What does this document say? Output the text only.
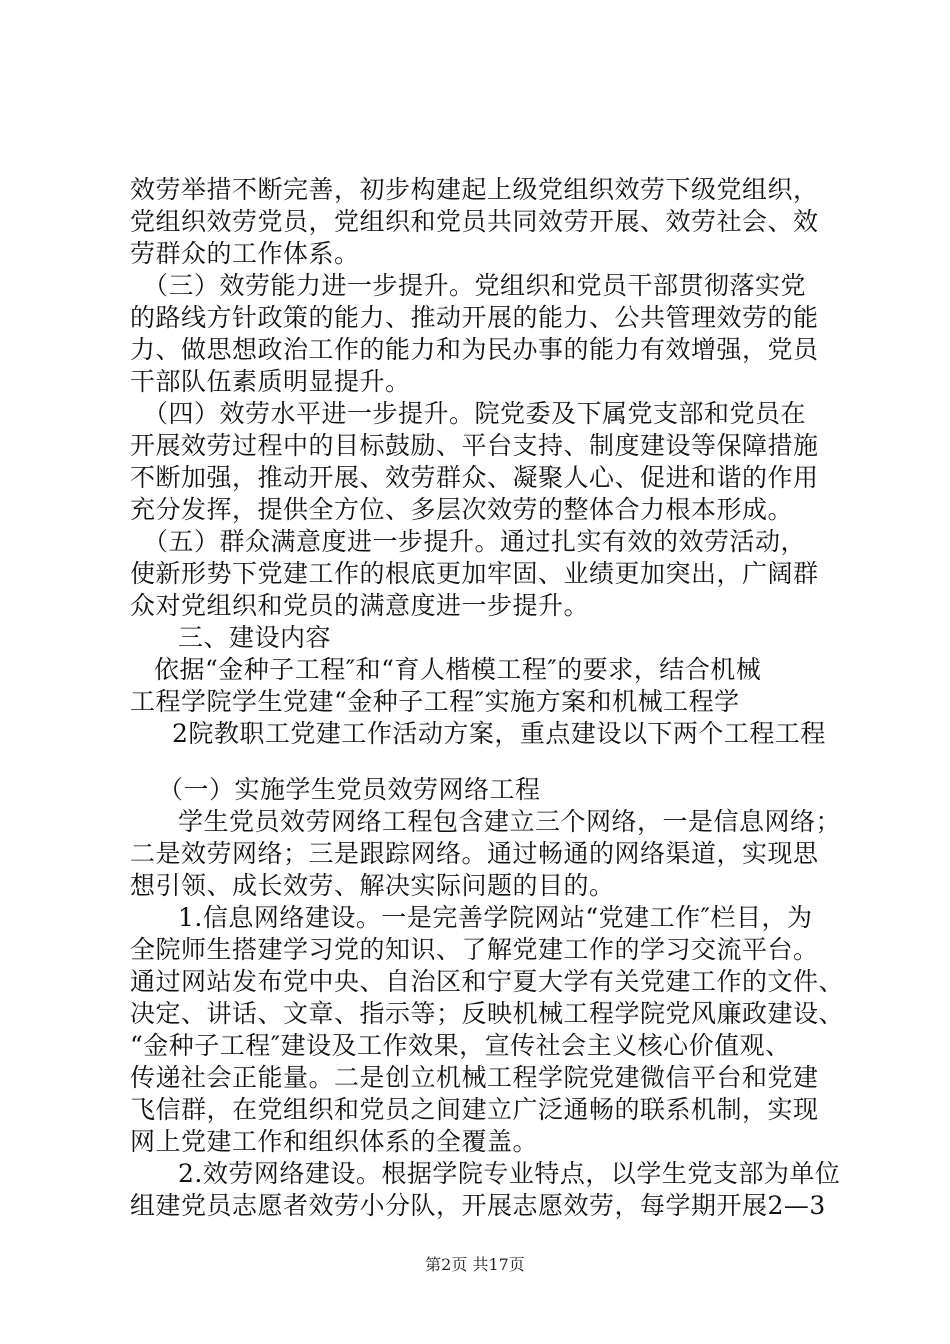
效劳举措不断完善，初步构建起上级党组织效劳下级党组织，
党组织效劳党员，党组织和党员共同效劳开展、效劳社会、效
劳群众的工作体系。
　（三）效劳能力进一步提升。党组织和党员干部贯彻落实党
的路线方针政策的能力、推动开展的能力、公共管理效劳的能
力、做思想政治工作的能力和为民办事的能力有效增强，党员
干部队伍素质明显提升。
　（四）效劳水平进一步提升。院党委及下属党支部和党员在
开展效劳过程中的目标鼓励、平台支持、制度建设等保障措施
不断加强，推动开展、效劳群众、凝聚人心、促进和谐的作用
充分发挥，提供全方位、多层次效劳的整体合力根本形成。
　（五）群众满意度进一步提升。通过扎实有效的效劳活动，
使新形势下党建工作的根底更加牢固、业绩更加突出，广阔群
众对党组织和党员的满意度进一步提升。
三、建设内容
依据“金种子工程″和“育人楷模工程″的要求，结合机械
工程学院学生党建“金种子工程″实施方案和机械工程学
2院教职工党建工作活动方案，重点建设以下两个工程工程
（一）实施学生党员效劳网络工程
学生党员效劳网络工程包含建立三个网络，一是信息网络；
二是效劳网络；三是跟踪网络。通过畅通的网络渠道，实现思
想引领、成长效劳、解决实际问题的目的。
1.信息网络建设。一是完善学院网站“党建工作″栏目，为
全院师生搭建学习党的知识、了解党建工作的学习交流平台。
通过网站发布党中央、自治区和宁夏大学有关党建工作的文件、
决定、讲话、文章、指示等；反映机械工程学院党风廉政建设、
“金种子工程″建设及工作效果，宣传社会主义核心价值观、
传递社会正能量。二是创立机械工程学院党建微信平台和党建
飞信群，在党组织和党员之间建立广泛通畅的联系机制，实现
网上党建工作和组织体系的全覆盖。
2.效劳网络建设。根据学院专业特点，以学生党支部为单位
组建党员志愿者效劳小分队，开展志愿效劳，每学期开展2—3
第2页 共17页
